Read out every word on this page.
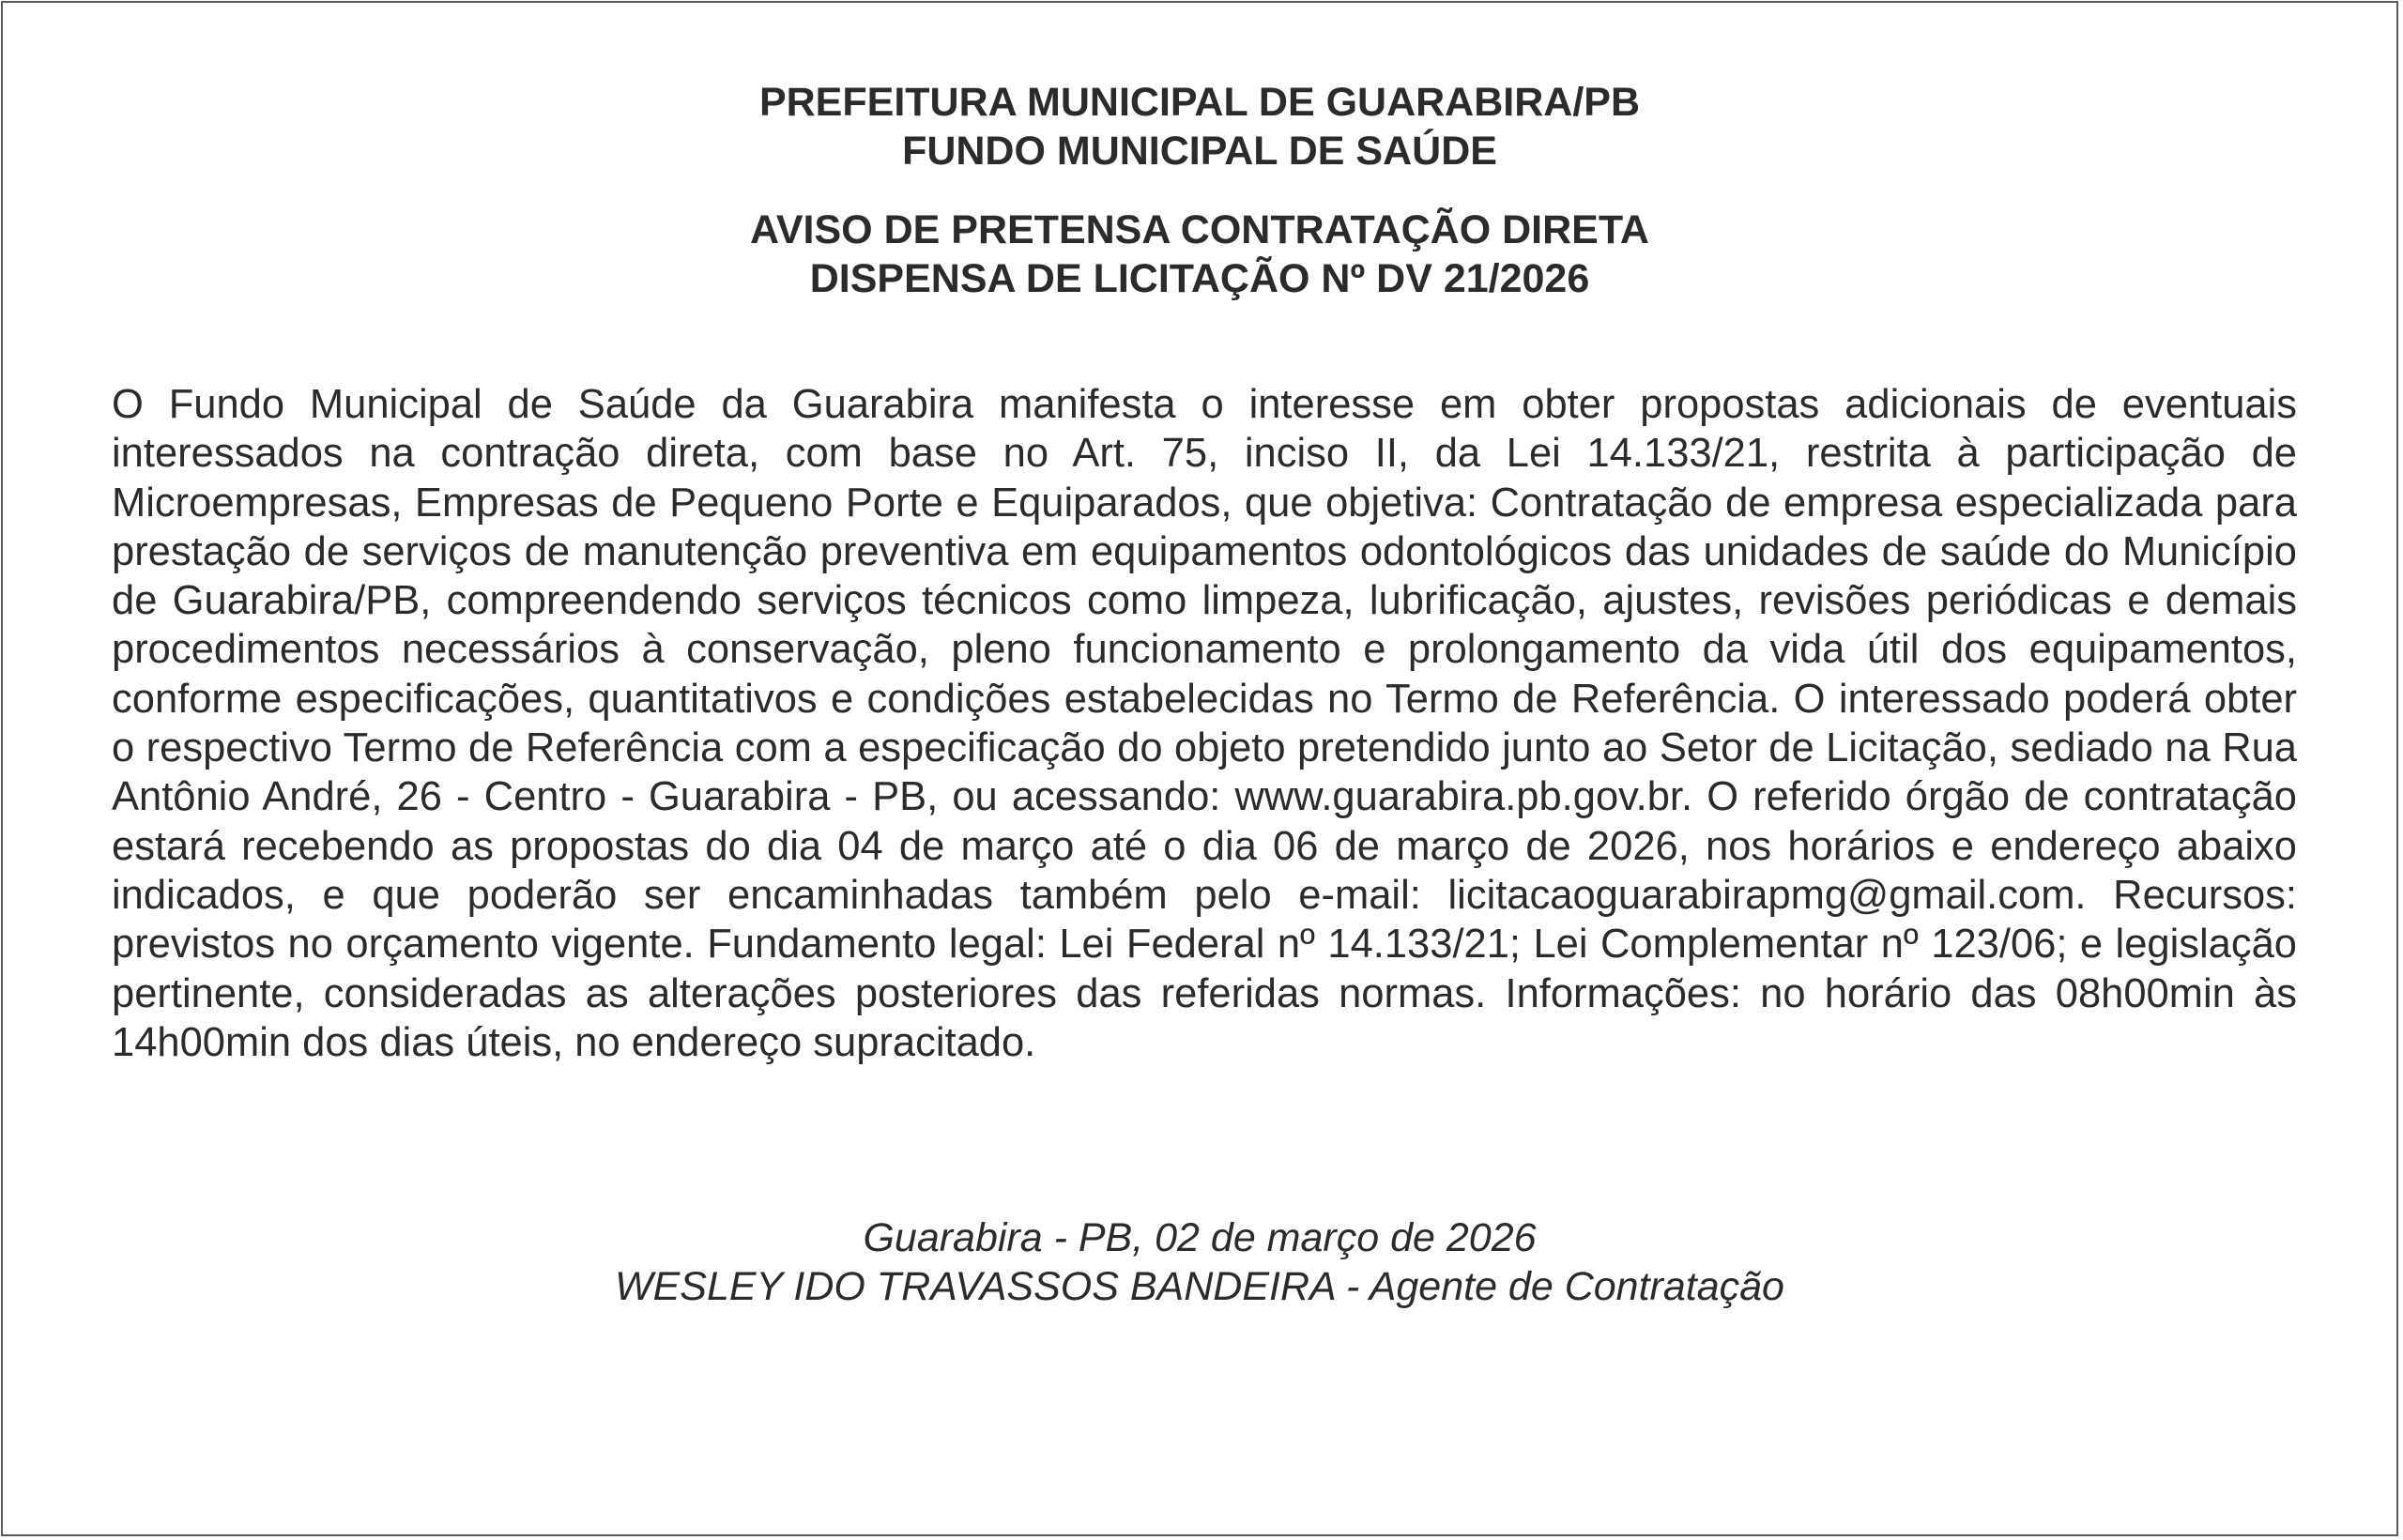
PREFEITURA MUNICIPAL DE GUARABIRA/PB
FUNDO MUNICIPAL DE SAÚDE
AVISO DE PRETENSA CONTRATAÇÃO DIRETA
DISPENSA DE LICITAÇÃO Nº DV 21/2026
O Fundo Municipal de Saúde da Guarabira manifesta o interesse em obter propostas adicionais de eventuais interessados na contração direta, com base no Art. 75, inciso II, da Lei 14.133/21, restrita à participação de Microempresas, Empresas de Pequeno Porte e Equiparados, que objetiva: Contratação de empresa especializada para prestação de serviços de manutenção preventiva em equipamentos odontológicos das unidades de saúde do Município de Guarabira/PB, compreendendo serviços técnicos como limpeza, lubrificação, ajustes, revisões periódicas e demais procedimentos necessários à conservação, pleno funcionamento e prolongamento da vida útil dos equipamentos, conforme especificações, quantitativos e condições estabelecidas no Termo de Referência. O interessado poderá obter o respectivo Termo de Referência com a especificação do objeto pretendido junto ao Setor de Licitação, sediado na Rua Antônio André, 26 - Centro - Guarabira - PB, ou acessando: www.guarabira.pb.gov.br. O referido órgão de contratação estará recebendo as propostas do dia 04 de março até o dia 06 de março de 2026, nos horários e endereço abaixo indicados, e que poderão ser encaminhadas também pelo e-mail: licitacaoguarabirapmg@gmail.com. Recursos: previstos no orçamento vigente. Fundamento legal: Lei Federal nº 14.133/21; Lei Complementar nº 123/06; e legislação pertinente, consideradas as alterações posteriores das referidas normas. Informações: no horário das 08h00min às 14h00min dos dias úteis, no endereço supracitado.
Guarabira - PB, 02 de março de 2026
WESLEY IDO TRAVASSOS BANDEIRA - Agente de Contratação
